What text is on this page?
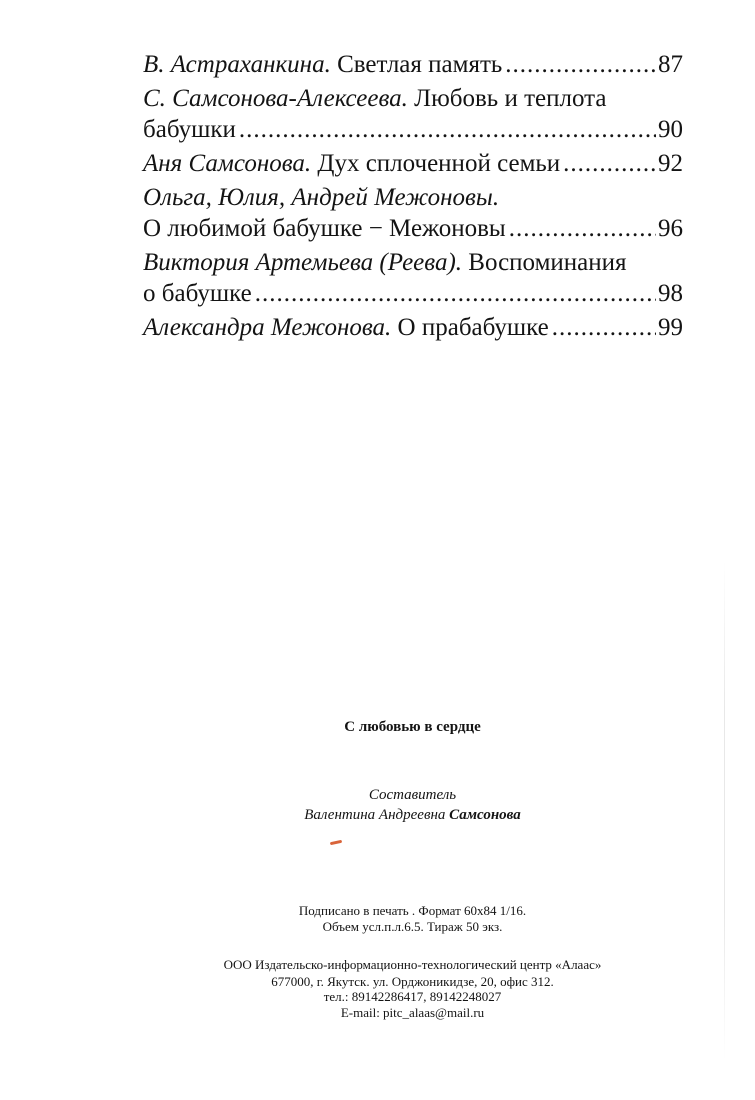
В. Астраханкина. Светлая память .....	87
С. Самсонова-Алексеева. Любовь и теплота
бабушки .....	90
Аня Самсонова. Дух сплоченной семьи .....	92
Ольга, Юлия, Андрей Межоновы.
О любимой бабушке − Межоновы .....	96
Виктория Артемьева (Реева). Воспоминания
о бабушке .....	98
Александра Межонова. О прабабушке .....	99
С любовью в сердце
Составитель
Валентина Андреевна Самсонова
Подписано в печать . Формат 60х84 1/16.
Объем усл.п.л.6.5. Тираж 50 экз.
ООО Издательско-информационно-технологический центр «Алаас»
677000, г. Якутск. ул. Орджоникидзе, 20, офис 312.
тел.: 89142286417, 89142248027
E-mail: pitc_alaas@mail.ru
